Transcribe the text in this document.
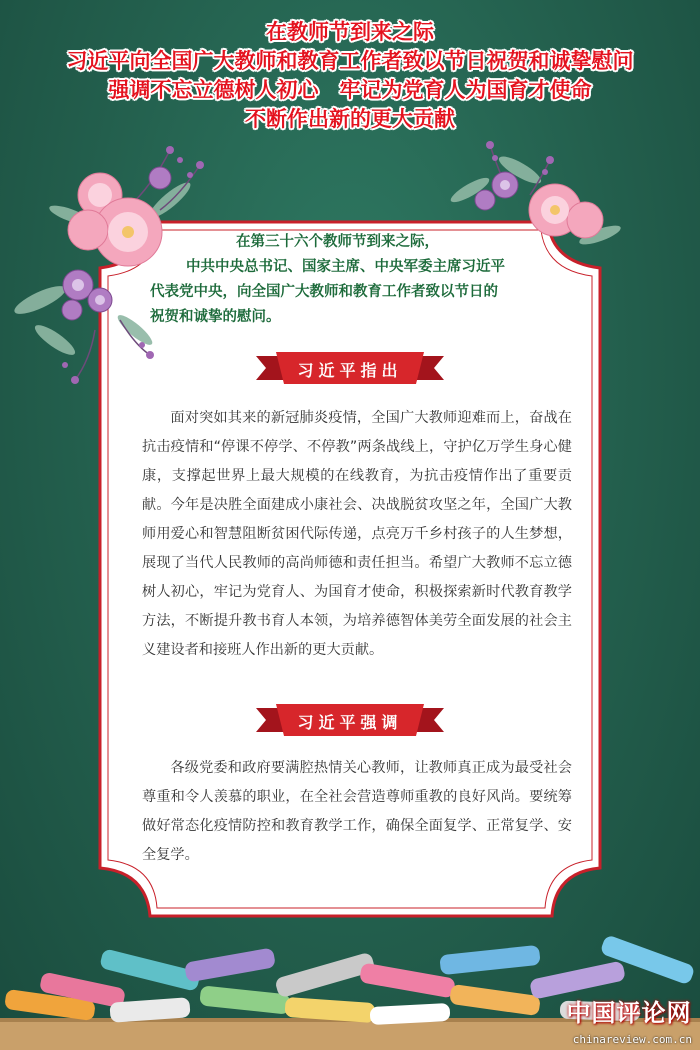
在教师节到来之际
习近平向全国广大教师和教育工作者致以节日祝贺和诚挚慰问
强调不忘立德树人初心　牢记为党育人为国育才使命
不断作出新的更大贡献

在第三十六个教师节到来之际，

中共中央总书记、国家主席、中央军委主席习近平

代表党中央，向全国广大教师和教育工作者致以节日的

祝贺和诚挚的慰问。

习近平指出

面对突如其来的新冠肺炎疫情，全国广大教师迎难而上，奋战在抗击疫情和“停课不停学、不停教”两条战线上，守护亿万学生身心健康，支撑起世界上最大规模的在线教育，为抗击疫情作出了重要贡献。今年是决胜全面建成小康社会、决战脱贫攻坚之年，全国广大教师用爱心和智慧阻断贫困代际传递，点亮万千乡村孩子的人生梦想，展现了当代人民教师的高尚师德和责任担当。希望广大教师不忘立德树人初心，牢记为党育人、为国育才使命，积极探索新时代教育教学方法，不断提升教书育人本领，为培养德智体美劳全面发展的社会主义建设者和接班人作出新的更大贡献。

习近平强调

各级党委和政府要满腔热情关心教师，让教师真正成为最受社会尊重和令人羡慕的职业，在全社会营造尊师重教的良好风尚。要统筹做好常态化疫情防控和教育教学工作，确保全面复学、正常复学、安全复学。

中国评论网
chinareview.com.cn
